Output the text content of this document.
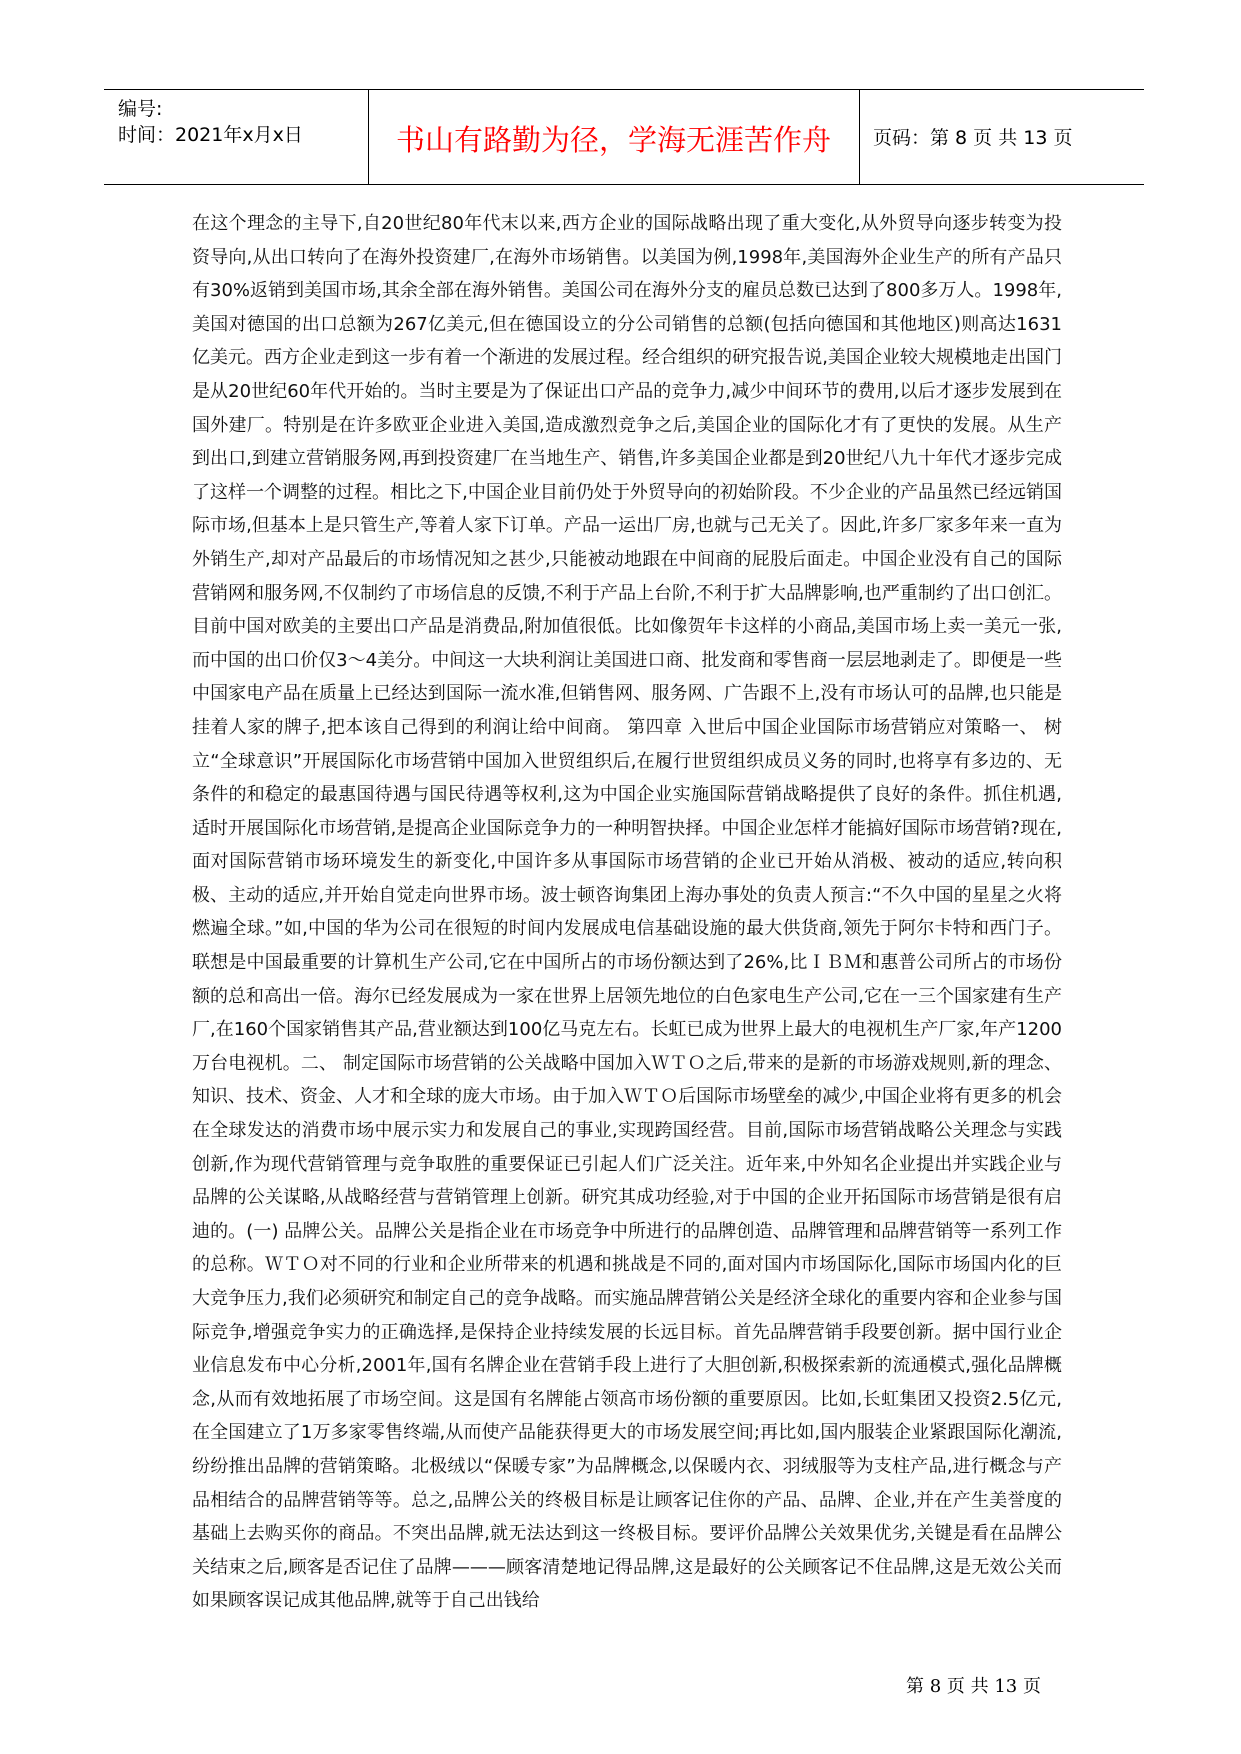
编号:
时间：2021年x月x日	书山有路勤为径，学海无涯苦作舟	页码：第 8 页 共 13 页

在这个理念的主导下,自20世纪80年代末以来,西方企业的国际战略出现了重大变化,从外贸导向逐步转变为投资导向,从出口转向了在海外投资建厂,在海外市场销售。以美国为例,1998年,美国海外企业生产的所有产品只有30%返销到美国市场,其余全部在海外销售。美国公司在海外分支的雇员总数已达到了800多万人。1998年,美国对德国的出口总额为267亿美元,但在德国设立的分公司销售的总额(包括向德国和其他地区)则高达1631亿美元。西方企业走到这一步有着一个渐进的发展过程。经合组织的研究报告说,美国企业较大规模地走出国门是从20世纪60年代开始的。当时主要是为了保证出口产品的竞争力,减少中间环节的费用,以后才逐步发展到在国外建厂。特别是在许多欧亚企业进入美国,造成激烈竞争之后,美国企业的国际化才有了更快的发展。从生产到出口,到建立营销服务网,再到投资建厂在当地生产、销售,许多美国企业都是到20世纪八九十年代才逐步完成了这样一个调整的过程。相比之下,中国企业目前仍处于外贸导向的初始阶段。不少企业的产品虽然已经远销国际市场,但基本上是只管生产,等着人家下订单。产品一运出厂房,也就与己无关了。因此,许多厂家多年来一直为外销生产,却对产品最后的市场情况知之甚少,只能被动地跟在中间商的屁股后面走。中国企业没有自己的国际营销网和服务网,不仅制约了市场信息的反馈,不利于产品上台阶,不利于扩大品牌影响,也严重制约了出口创汇。目前中国对欧美的主要出口产品是消费品,附加值很低。比如像贺年卡这样的小商品,美国市场上卖一美元一张,而中国的出口价仅3～4美分。中间这一大块利润让美国进口商、批发商和零售商一层层地剥走了。即便是一些中国家电产品在质量上已经达到国际一流水准,但销售网、服务网、广告跟不上,没有市场认可的品牌,也只能是挂着人家的牌子,把本该自己得到的利润让给中间商。 第四章 入世后中国企业国际市场营销应对策略一、 树立“全球意识”开展国际化市场营销中国加入世贸组织后,在履行世贸组织成员义务的同时,也将享有多边的、无条件的和稳定的最惠国待遇与国民待遇等权利,这为中国企业实施国际营销战略提供了良好的条件。抓住机遇,适时开展国际化市场营销,是提高企业国际竞争力的一种明智抉择。中国企业怎样才能搞好国际市场营销?现在,面对国际营销市场环境发生的新变化,中国许多从事国际市场营销的企业已开始从消极、被动的适应,转向积极、主动的适应,并开始自觉走向世界市场。波士顿咨询集团上海办事处的负责人预言:“不久中国的星星之火将燃遍全球。”如,中国的华为公司在很短的时间内发展成电信基础设施的最大供货商,领先于阿尔卡特和西门子。联想是中国最重要的计算机生产公司,它在中国所占的市场份额达到了26%,比ＩＢＭ和惠普公司所占的市场份额的总和高出一倍。海尔已经发展成为一家在世界上居领先地位的白色家电生产公司,它在一三个国家建有生产厂,在160个国家销售其产品,营业额达到100亿马克左右。长虹已成为世界上最大的电视机生产厂家,年产1200万台电视机。二、 制定国际市场营销的公关战略中国加入ＷＴＯ之后,带来的是新的市场游戏规则,新的理念、知识、技术、资金、人才和全球的庞大市场。由于加入ＷＴＯ后国际市场壁垒的减少,中国企业将有更多的机会在全球发达的消费市场中展示实力和发展自己的事业,实现跨国经营。目前,国际市场营销战略公关理念与实践创新,作为现代营销管理与竞争取胜的重要保证已引起人们广泛关注。近年来,中外知名企业提出并实践企业与品牌的公关谋略,从战略经营与营销管理上创新。研究其成功经验,对于中国的企业开拓国际市场营销是很有启迪的。(一) 品牌公关。品牌公关是指企业在市场竞争中所进行的品牌创造、品牌管理和品牌营销等一系列工作的总称。ＷＴＯ对不同的行业和企业所带来的机遇和挑战是不同的,面对国内市场国际化,国际市场国内化的巨大竞争压力,我们必须研究和制定自己的竞争战略。而实施品牌营销公关是经济全球化的重要内容和企业参与国际竞争,增强竞争实力的正确选择,是保持企业持续发展的长远目标。首先品牌营销手段要创新。据中国行业企业信息发布中心分析,2001年,国有名牌企业在营销手段上进行了大胆创新,积极探索新的流通模式,强化品牌概念,从而有效地拓展了市场空间。这是国有名牌能占领高市场份额的重要原因。比如,长虹集团又投资2.5亿元,在全国建立了1万多家零售终端,从而使产品能获得更大的市场发展空间;再比如,国内服装企业紧跟国际化潮流,纷纷推出品牌的营销策略。北极绒以“保暖专家”为品牌概念,以保暖内衣、羽绒服等为支柱产品,进行概念与产品相结合的品牌营销等等。总之,品牌公关的终极目标是让顾客记住你的产品、品牌、企业,并在产生美誉度的基础上去购买你的商品。不突出品牌,就无法达到这一终极目标。要评价品牌公关效果优劣,关键是看在品牌公关结束之后,顾客是否记住了品牌———顾客清楚地记得品牌,这是最好的公关顾客记不住品牌,这是无效公关而如果顾客误记成其他品牌,就等于自己出钱给

第 8 页 共 13 页
